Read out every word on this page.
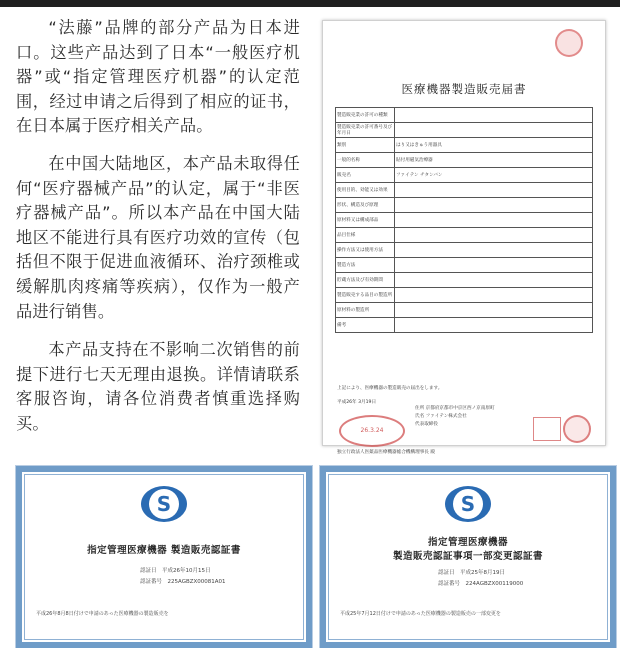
“法藤”品牌的部分产品为日本进口。这些产品达到了日本“一般医疗机器”或“指定管理医疗机器”的认定范围，经过申请之后得到了相应的证书，在日本属于医疗相关产品。

在中国大陆地区，本产品未取得任何“医疗器械产品”的认定，属于“非医疗器械产品”。所以本产品在中国大陆地区不能进行具有医疗功效的宣传（包括但不限于促进血液循环、治疗颈椎或缓解肌肉疼痛等疾病），仅作为一般产品进行销售。

本产品支持在不影响二次销售的前提下进行七天无理由退换。详情请联系客服咨询，请各位消费者慎重选择购买。

医療機器製造販売届書
製造販売業の許可の種類	
製造販売業の許可番号及び年月日	
類別	はり又はきゅう用器具
一般的名称	貼付用磁気治療器
販売名	ファイテン チタンバン
使用目的、効能又は効果	
形状、構造及び原理	
原材料又は構成部品	
品目仕様	
操作方法又は使用方法	
製造方法	
貯蔵方法及び有効期間	
製造販売する品目の製造所	
原材料の製造所	
備考	
上記により、医療機器の製造販売の届出をします。
平成26年 3月19日
住所 京都府京都市中京区西ノ京南原町
氏名 ファイテン株式会社
代表取締役
26.3.24
独立行政法人医薬品医療機器総合機構理事長 殿
S
指定管理医療機器 製造販売認証書
認証日　 平成26年10月15日
認証番号　 225AGBZX00081A01
平成26年8月8日付けで申請のあった医療機器の製造販売を
S
指定管理医療機器
製造販売認証事項一部変更認証書
認証日　 平成25年8月19日
認証番号　 224AGBZX00119000
平成25年7月12日付けで申請のあった医療機器の製造販売の一部変更を
